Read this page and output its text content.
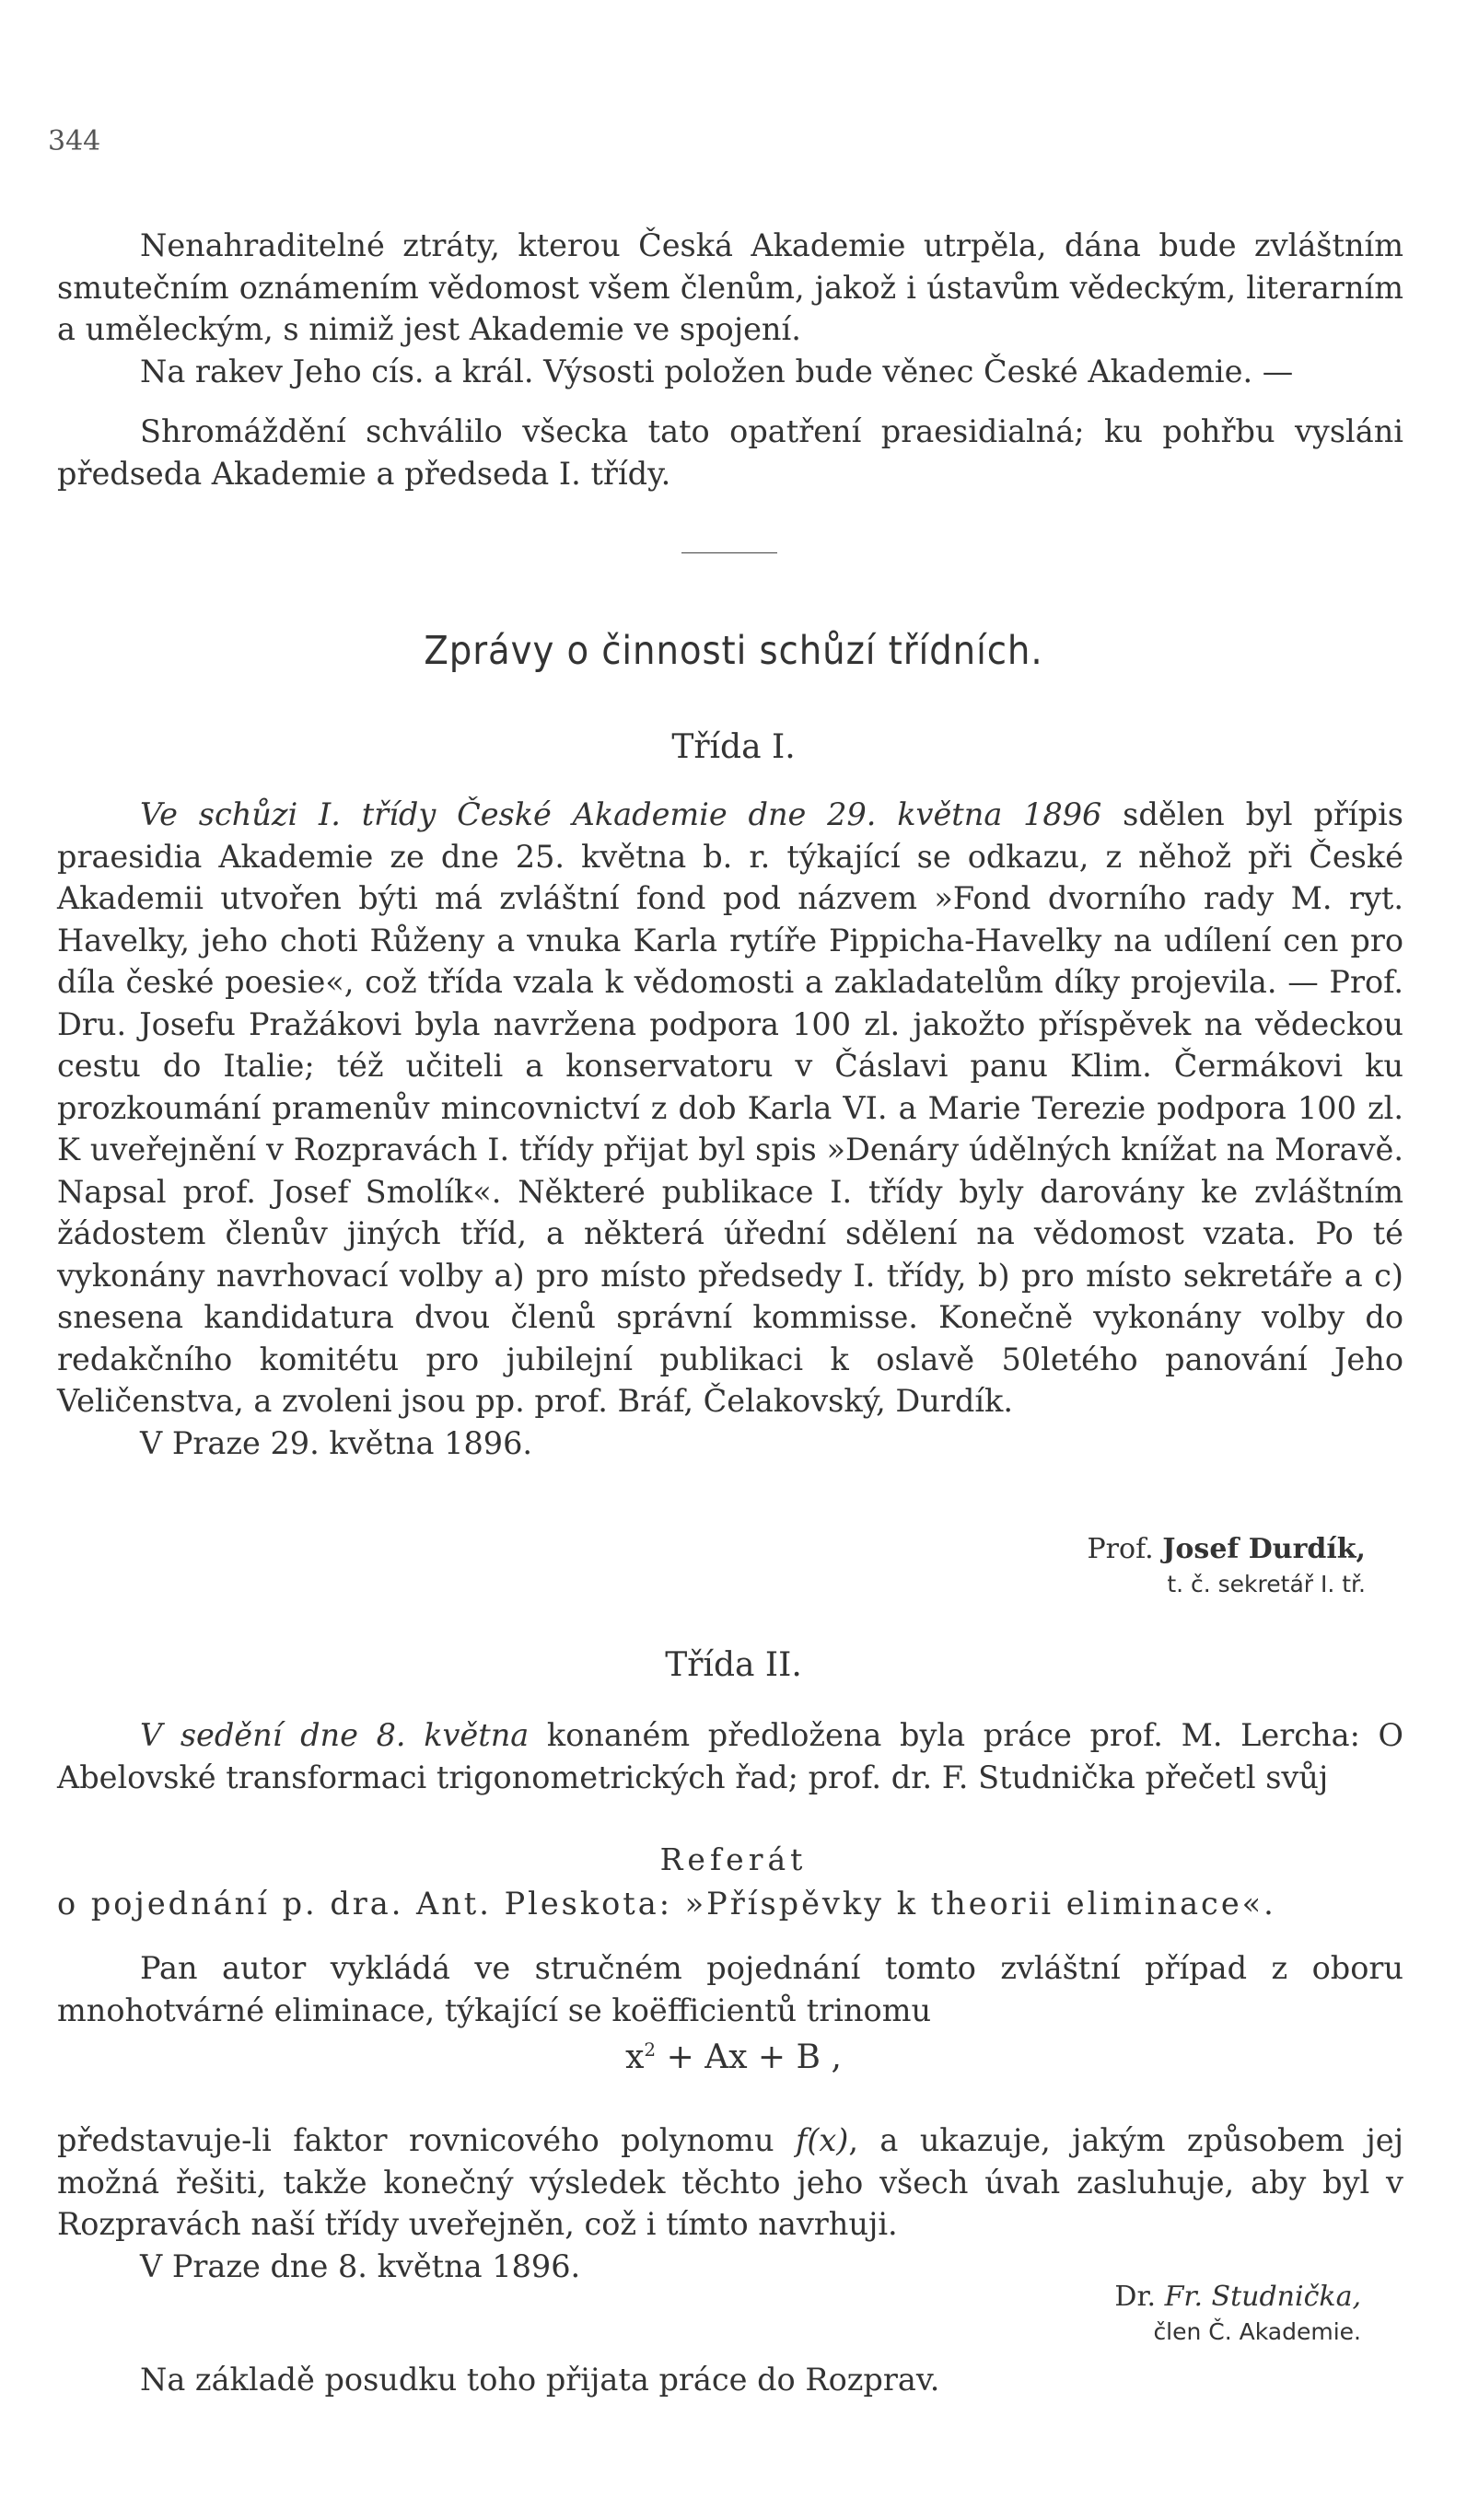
344

Nenahraditelné ztráty, kterou Česká Akademie utrpěla, dána bude zvláštním smutečním oznámením vědomost všem členům, jakož i ústavům vědeckým, literarním a uměleckým, s nimiž jest Akademie ve spojení.

Na rakev Jeho cís. a král. Výsosti položen bude věnec České Akademie. —

Shromáždění schválilo všecka tato opatření praesidialná; ku pohřbu vysláni předseda Akademie a předseda I. třídy.

Zprávy o činnosti schůzí třídních.
Třída I.

Ve schůzi I. třídy České Akademie dne 29. května 1896 sdělen byl přípis praesidia Akademie ze dne 25. května b. r. týkající se odkazu, z něhož při České Akademii utvořen býti má zvláštní fond pod názvem »Fond dvorního rady M. ryt. Havelky, jeho choti Růženy a vnuka Karla rytíře Pippicha-Havelky na udílení cen pro díla české poesie«, což třída vzala k vědomosti a zakladatelům díky projevila. — Prof. Dru. Josefu Pražákovi byla navržena podpora 100 zl. jakožto příspěvek na vědeckou cestu do Italie; též učiteli a konservatoru v Čáslavi panu Klim. Čermákovi ku prozkoumání pramenův mincovnictví z dob Karla VI. a Marie Terezie podpora 100 zl. K uveřejnění v Rozpravách I. třídy přijat byl spis »Denáry údělných knížat na Moravě. Napsal prof. Josef Smolík«. Některé publikace I. třídy byly darovány ke zvláštním žádostem členův jiných tříd, a některá úřední sdělení na vědomost vzata. Po té vykonány navrhovací volby a) pro místo předsedy I. třídy, b) pro místo sekretáře a c) snesena kandidatura dvou členů správní kommisse. Konečně vykonány volby do redakčního komitétu pro jubilejní publikaci k oslavě 50letého panování Jeho Veličenstva, a zvoleni jsou pp. prof. Bráf, Čelakovský, Durdík.

V Praze 29. května 1896.

Prof. Josef Durdík,
t. č. sekretář I. tř.
Třída II.

V sedění dne 8. května konaném předložena byla práce prof. M. Lercha: O Abelovské transformaci trigonometrických řad; prof. dr. F. Studnička přečetl svůj

Referát

o pojednání p. dra. Ant. Pleskota: »Příspěvky k theorii eliminace«.

Pan autor vykládá ve stručném pojednání tomto zvláštní případ z oboru mnohotvárné eliminace, týkající se koëfficientů trinomu

$x^2 + Ax + B$ ,

představuje-li faktor rovnicového polynomu f(x), a ukazuje, jakým způsobem jej možná řešiti, takže konečný výsledek těchto jeho všech úvah zasluhuje, aby byl v Rozpravách naší třídy uveřejněn, což i tímto navrhuji.

V Praze dne 8. května 1896.

Dr. Fr. Studnička,
člen Č. Akademie.

Na základě posudku toho přijata práce do Rozprav.
